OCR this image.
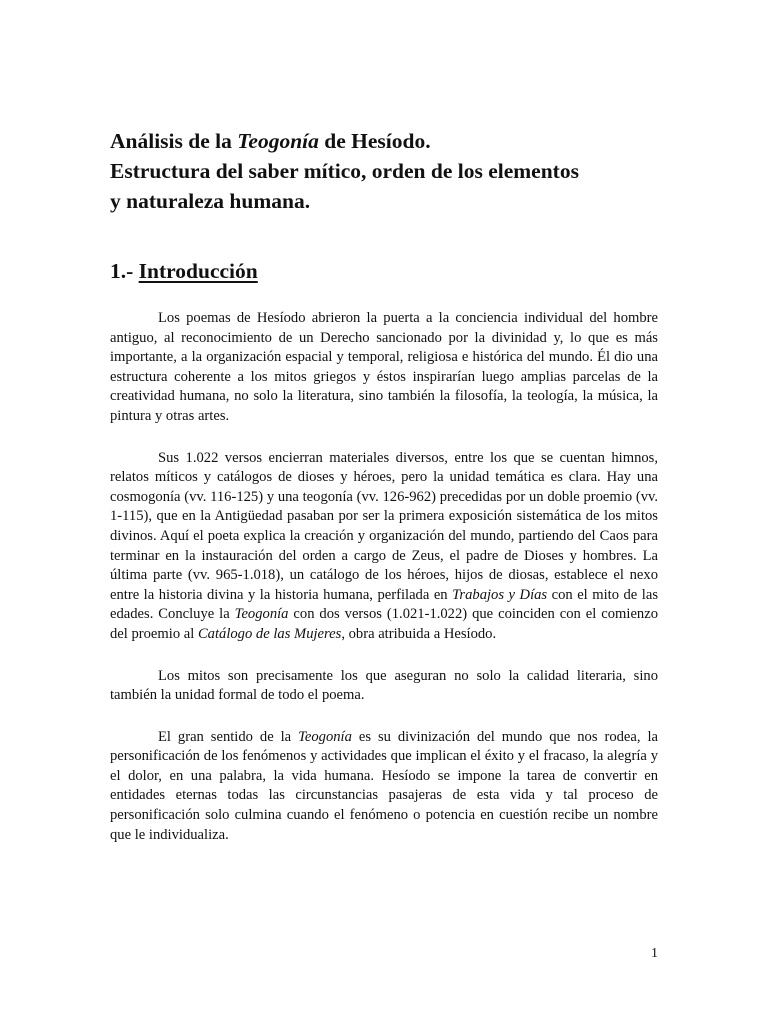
Análisis de la Teogonía de Hesíodo.
Estructura del saber mítico, orden de los elementos
y naturaleza humana.
1.- Introducción

Los poemas de Hesíodo abrieron la puerta a la conciencia individual del hombre antiguo, al reconocimiento de un Derecho sancionado por la divinidad y, lo que es más importante, a la organización espacial y temporal, religiosa e histórica del mundo. Él dio una estructura coherente a los mitos griegos y éstos inspirarían luego amplias parcelas de la creatividad humana, no solo la literatura, sino también la filosofía, la teología, la música, la pintura y otras artes.

Sus 1.022 versos encierran materiales diversos, entre los que se cuentan himnos, relatos míticos y catálogos de dioses y héroes, pero la unidad temática es clara. Hay una cosmogonía (vv. 116-125) y una teogonía (vv. 126-962) precedidas por un doble proemio (vv. 1-115), que en la Antigüedad pasaban por ser la primera exposición sistemática de los mitos divinos. Aquí el poeta explica la creación y organización del mundo, partiendo del Caos para terminar en la instauración del orden a cargo de Zeus, el padre de Dioses y hombres. La última parte (vv. 965-1.018), un catálogo de los héroes, hijos de diosas, establece el nexo entre la historia divina y la historia humana, perfilada en Trabajos y Días con el mito de las edades. Concluye la Teogonía con dos versos (1.021-1.022) que coinciden con el comienzo del proemio al Catálogo de las Mujeres, obra atribuida a Hesíodo.

Los mitos son precisamente los que aseguran no solo la calidad literaria, sino también la unidad formal de todo el poema.

El gran sentido de la Teogonía es su divinización del mundo que nos rodea, la personificación de los fenómenos y actividades que implican el éxito y el fracaso, la alegría y el dolor, en una palabra, la vida humana. Hesíodo se impone la tarea de convertir en entidades eternas todas las circunstancias pasajeras de esta vida y tal proceso de personificación solo culmina cuando el fenómeno o potencia en cuestión recibe un nombre que le individualiza.

1
